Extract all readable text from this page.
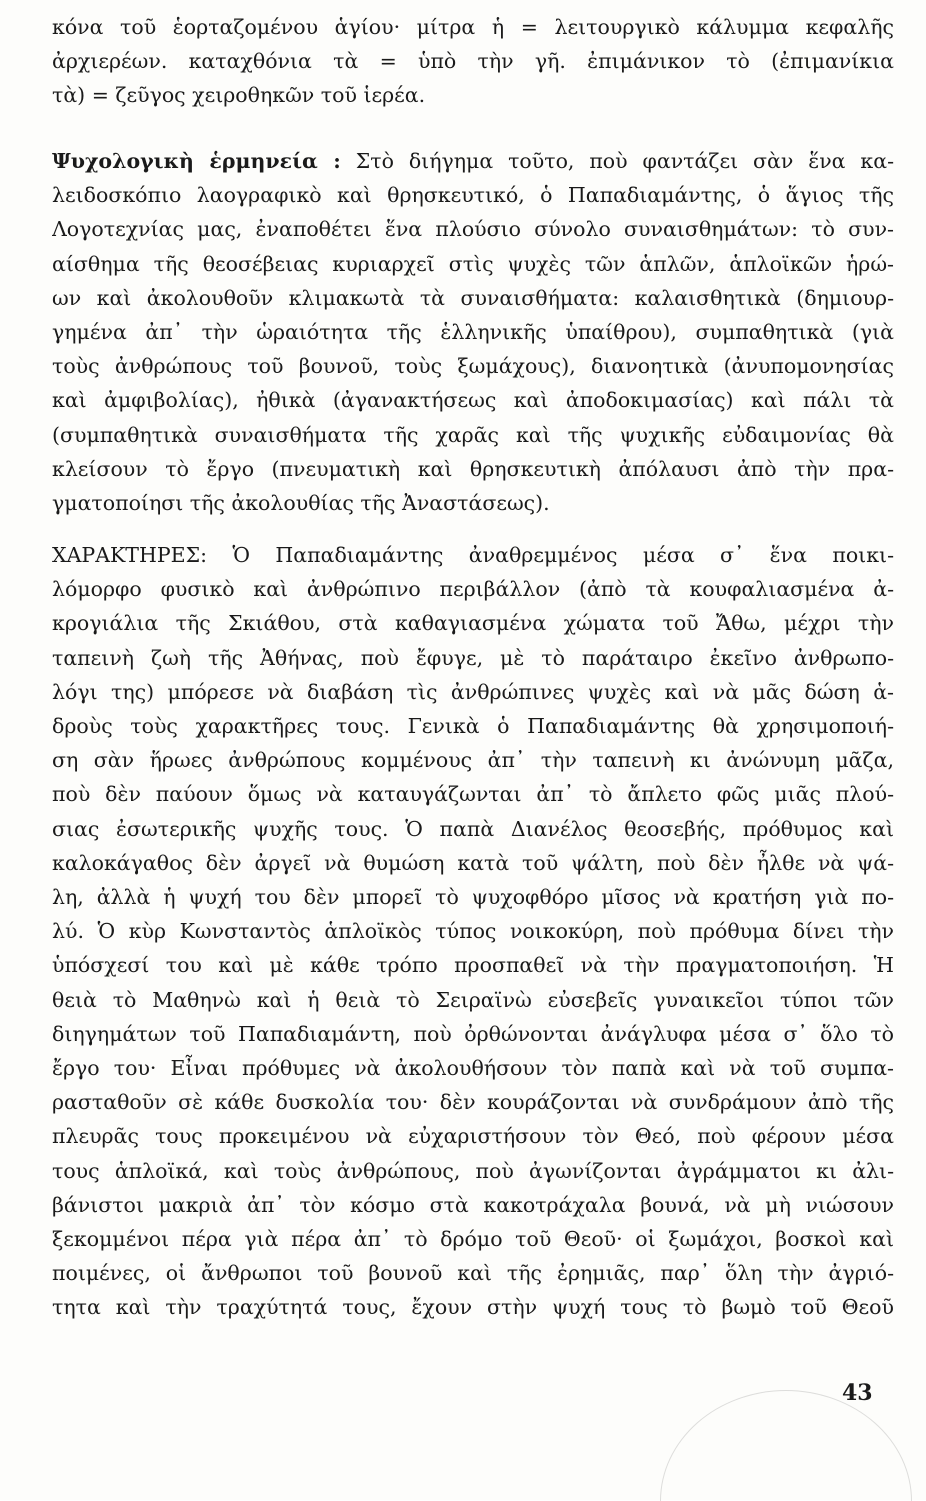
κόνα τοῦ ἑορταζομένου ἁγίου· μίτρα ἡ = λειτουργικὸ κάλυμμα κεφαλῆς
ἀρχιερέων. καταχθόνια τὰ = ὑπὸ τὴν γῆ. ἐπιμάνικον τὸ (ἐπιμανίκια
τὰ) = ζεῦγος χειροθηκῶν τοῦ ἱερέα.
Ψυχολογικὴ ἑρμηνεία : Στὸ διήγημα τοῦτο, ποὺ φαντάζει σὰν ἕνα κα-
λειδοσκόπιο λαογραφικὸ καὶ θρησκευτικό, ὁ Παπαδιαμάντης, ὁ ἅγιος τῆς
Λογοτεχνίας μας, ἐναποθέτει ἕνα πλούσιο σύνολο συναισθημάτων: τὸ συν-
αίσθημα τῆς θεοσέβειας κυριαρχεῖ στὶς ψυχὲς τῶν ἁπλῶν, ἁπλοϊκῶν ἡρώ-
ων καὶ ἀκολουθοῦν κλιμακωτὰ τὰ συναισθήματα: καλαισθητικὰ (δημιουρ-
γημένα ἀπ᾽ τὴν ὡραιότητα τῆς ἑλληνικῆς ὑπαίθρου), συμπαθητικὰ (γιὰ
τοὺς ἀνθρώπους τοῦ βουνοῦ, τοὺς ξωμάχους), διανοητικὰ (ἀνυπομονησίας
καὶ ἀμφιβολίας), ἠθικὰ (ἀγανακτήσεως καὶ ἀποδοκιμασίας) καὶ πάλι τὰ
(συμπαθητικὰ συναισθήματα τῆς χαρᾶς καὶ τῆς ψυχικῆς εὐδαιμονίας θὰ
κλείσουν τὸ ἔργο (πνευματικὴ καὶ θρησκευτικὴ ἀπόλαυσι ἀπὸ τὴν πρα-
γματοποίησι τῆς ἀκολουθίας τῆς Ἀναστάσεως).
ΧΑΡΑΚΤΗΡΕΣ: Ὁ Παπαδιαμάντης ἀναθρεμμένος μέσα σ᾽ ἕνα ποικι-
λόμορφο φυσικὸ καὶ ἀνθρώπινο περιβάλλον (ἀπὸ τὰ κουφαλιασμένα ἀ-
κρογιάλια τῆς Σκιάθου, στὰ καθαγιασμένα χώματα τοῦ Ἄθω, μέχρι τὴν
ταπεινὴ ζωὴ τῆς Ἀθήνας, ποὺ ἔφυγε, μὲ τὸ παράταιρο ἐκεῖνο ἀνθρωπο-
λόγι της) μπόρεσε νὰ διαβάση τὶς ἀνθρώπινες ψυχὲς καὶ νὰ μᾶς δώση ἁ-
δροὺς τοὺς χαρακτῆρες τους. Γενικὰ ὁ Παπαδιαμάντης θὰ χρησιμοποιή-
ση σὰν ἥρωες ἀνθρώπους κομμένους ἀπ᾽ τὴν ταπεινὴ κι ἀνώνυμη μᾶζα,
ποὺ δὲν παύουν ὅμως νὰ καταυγάζωνται ἀπ᾽ τὸ ἄπλετο φῶς μιᾶς πλού-
σιας ἐσωτερικῆς ψυχῆς τους. Ὁ παπὰ Διανέλος θεοσεβής, πρόθυμος καὶ
καλοκάγαθος δὲν ἀργεῖ νὰ θυμώση κατὰ τοῦ ψάλτη, ποὺ δὲν ἦλθε νὰ ψά-
λη, ἀλλὰ ἡ ψυχή του δὲν μπορεῖ τὸ ψυχοφθόρο μῖσος νὰ κρατήση γιὰ πο-
λύ. Ὁ κὺρ Κωνσταντὸς ἁπλοϊκὸς τύπος νοικοκύρη, ποὺ πρόθυμα δίνει τὴν
ὑπόσχεσί του καὶ μὲ κάθε τρόπο προσπαθεῖ νὰ τὴν πραγματοποιήση. Ἡ
θειὰ τὸ Μαθηνὼ καὶ ἡ θειὰ τὸ Σειραϊνὼ εὐσεβεῖς γυναικεῖοι τύποι τῶν
διηγημάτων τοῦ Παπαδιαμάντη, ποὺ ὀρθώνονται ἀνάγλυφα μέσα σ᾽ ὅλο τὸ
ἔργο του· Εἶναι πρόθυμες νὰ ἀκολουθήσουν τὸν παπὰ καὶ νὰ τοῦ συμπα-
ρασταθοῦν σὲ κάθε δυσκολία του· δὲν κουράζονται νὰ συνδράμουν ἀπὸ τῆς
πλευρᾶς τους προκειμένου νὰ εὐχαριστήσουν τὸν Θεό, ποὺ φέρουν μέσα
τους ἁπλοϊκά, καὶ τοὺς ἀνθρώπους, ποὺ ἀγωνίζονται ἀγράμματοι κι ἀλι-
βάνιστοι μακριὰ ἀπ᾽ τὸν κόσμο στὰ κακοτράχαλα βουνά, νὰ μὴ νιώσουν
ξεκομμένοι πέρα γιὰ πέρα ἀπ᾽ τὸ δρόμο τοῦ Θεοῦ· οἱ ξωμάχοι, βοσκοὶ καὶ
ποιμένες, οἱ ἄνθρωποι τοῦ βουνοῦ καὶ τῆς ἐρημιᾶς, παρ᾽ ὅλη τὴν ἀγριό-
τητα καὶ τὴν τραχύτητά τους, ἔχουν στὴν ψυχή τους τὸ βωμὸ τοῦ Θεοῦ
43
